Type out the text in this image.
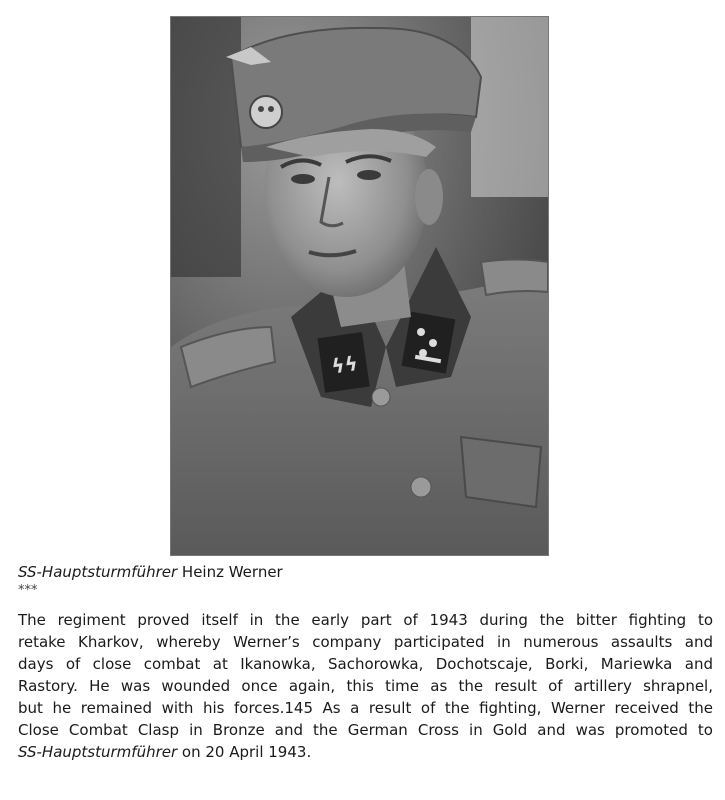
ϟϟ
SS-Hauptsturmführer Heinz Werner
***
The regiment proved itself in the early part of 1943 during the bitter fighting to
retake Kharkov, whereby Werner’s company participated in numerous assaults and
days of close combat at Ikanowka, Sachorowka, Dochotscaje, Borki, Mariewka and
Rastory. He was wounded once again, this time as the result of artillery shrapnel,
but he remained with his forces.145 As a result of the fighting, Werner received the
Close Combat Clasp in Bronze and the German Cross in Gold and was promoted to
SS-Hauptsturmführer on 20 April 1943.
